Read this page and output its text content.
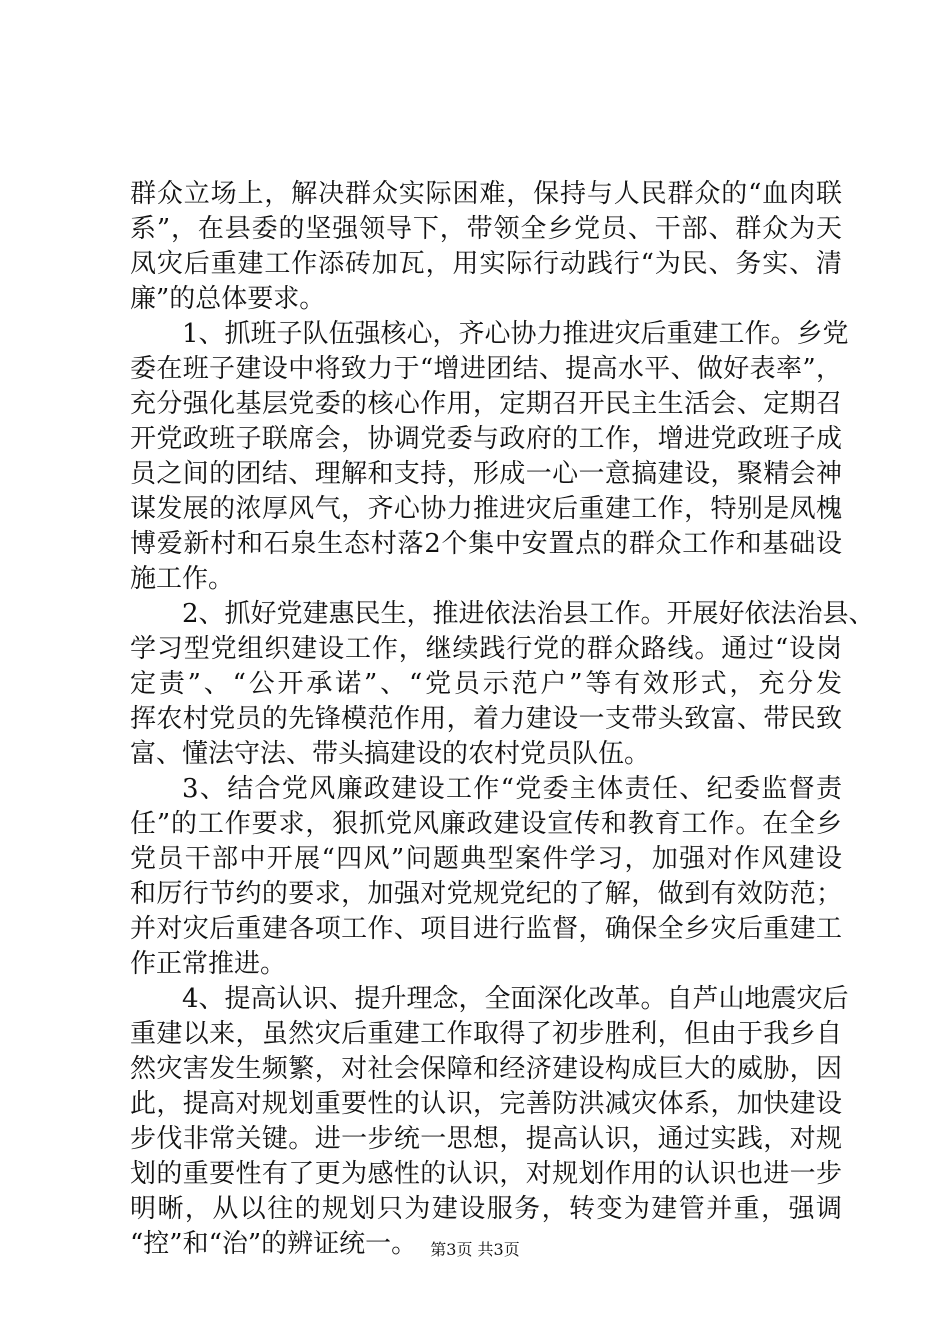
群众立场上，解决群众实际困难，保持与人民群众的“血肉联
系”，在县委的坚强领导下，带领全乡党员、干部、群众为天
凤灾后重建工作添砖加瓦，用实际行动践行“为民、务实、清
廉”的总体要求。
1、抓班子队伍强核心，齐心协力推进灾后重建工作。乡党
委在班子建设中将致力于“增进团结、提高水平、做好表率”，
充分强化基层党委的核心作用，定期召开民主生活会、定期召
开党政班子联席会，协调党委与政府的工作，增进党政班子成
员之间的团结、理解和支持，形成一心一意搞建设，聚精会神
谋发展的浓厚风气，齐心协力推进灾后重建工作，特别是凤槐
博爱新村和石泉生态村落2个集中安置点的群众工作和基础设
施工作。
2、抓好党建惠民生，推进依法治县工作。开展好依法治县、
学习型党组织建设工作，继续践行党的群众路线。通过“设岗
定责”、“公开承诺”、“党员示范户”等有效形式，充分发
挥农村党员的先锋模范作用，着力建设一支带头致富、带民致
富、懂法守法、带头搞建设的农村党员队伍。
3、结合党风廉政建设工作“党委主体责任、纪委监督责
任”的工作要求，狠抓党风廉政建设宣传和教育工作。在全乡
党员干部中开展“四风”问题典型案件学习，加强对作风建设
和厉行节约的要求，加强对党规党纪的了解，做到有效防范；
并对灾后重建各项工作、项目进行监督，确保全乡灾后重建工
作正常推进。
4、提高认识、提升理念，全面深化改革。自芦山地震灾后
重建以来，虽然灾后重建工作取得了初步胜利，但由于我乡自
然灾害发生频繁，对社会保障和经济建设构成巨大的威胁，因
此，提高对规划重要性的认识，完善防洪减灾体系，加快建设
步伐非常关键。进一步统一思想，提高认识，通过实践，对规
划的重要性有了更为感性的认识，对规划作用的认识也进一步
明晰，从以往的规划只为建设服务，转变为建管并重，强调
“控”和“治”的辨证统一。 第3页 共3页
